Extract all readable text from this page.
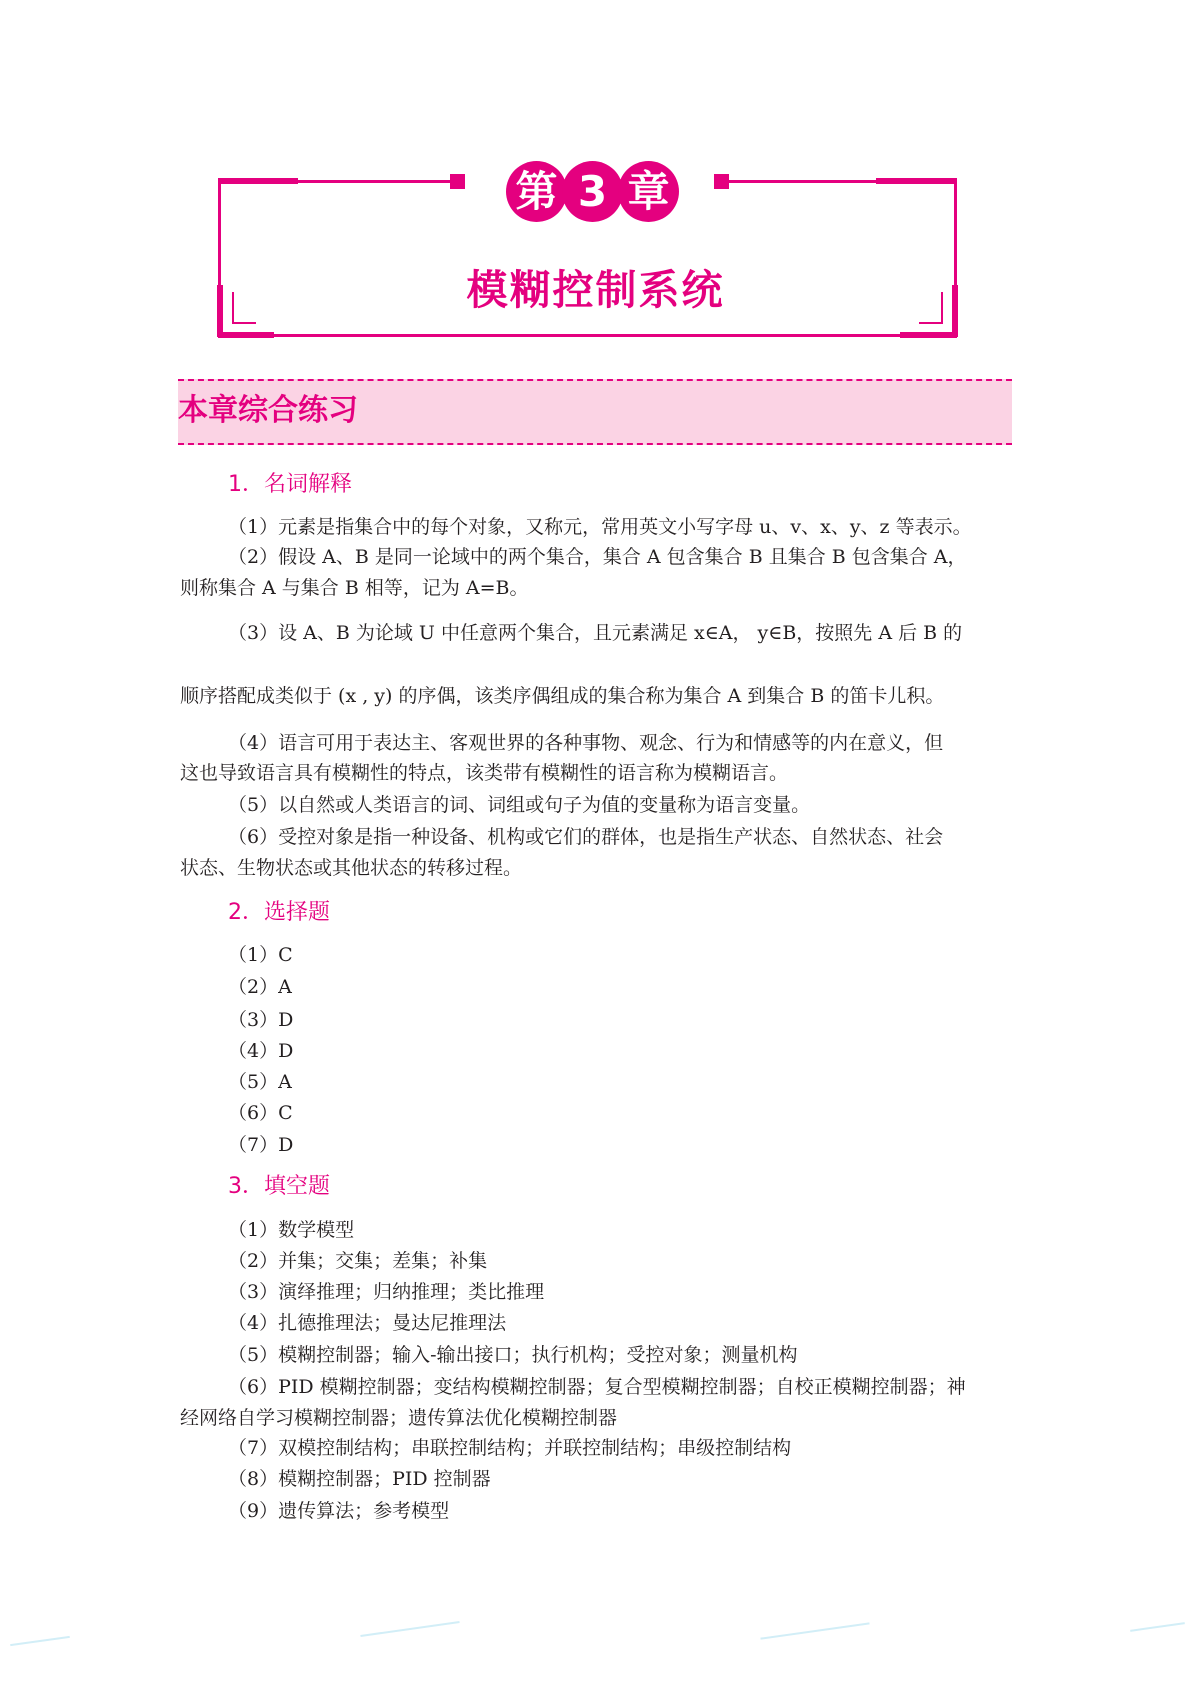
第 3 章
模糊控制系统
本章综合练习
1．名词解释

（1）元素是指集合中的每个对象，又称元，常用英文小写字母 u、v、x、y、z 等表示。

（2）假设 A、B 是同一论域中的两个集合，集合 A 包含集合 B 且集合 B 包含集合 A，

则称集合 A 与集合 B 相等，记为 A=B。

（3）设 A、B 为论域 U 中任意两个集合，且元素满足 x∈A， y∈B，按照先 A 后 B 的

顺序搭配成类似于 (x , y) 的序偶，该类序偶组成的集合称为集合 A 到集合 B 的笛卡儿积。

（4）语言可用于表达主、客观世界的各种事物、观念、行为和情感等的内在意义，但

这也导致语言具有模糊性的特点，该类带有模糊性的语言称为模糊语言。

（5）以自然或人类语言的词、词组或句子为值的变量称为语言变量。

（6）受控对象是指一种设备、机构或它们的群体，也是指生产状态、自然状态、社会

状态、生物状态或其他状态的转移过程。

2．选择题

（1）C

（2）A

（3）D

（4）D

（5）A

（6）C

（7）D

3．填空题

（1）数学模型

（2）并集；交集；差集；补集

（3）演绎推理；归纳推理；类比推理

（4）扎德推理法；曼达尼推理法

（5）模糊控制器；输入-输出接口；执行机构；受控对象；测量机构

（6）PID 模糊控制器；变结构模糊控制器；复合型模糊控制器；自校正模糊控制器；神

经网络自学习模糊控制器；遗传算法优化模糊控制器

（7）双模控制结构；串联控制结构；并联控制结构；串级控制结构

（8）模糊控制器；PID 控制器

（9）遗传算法；参考模型
